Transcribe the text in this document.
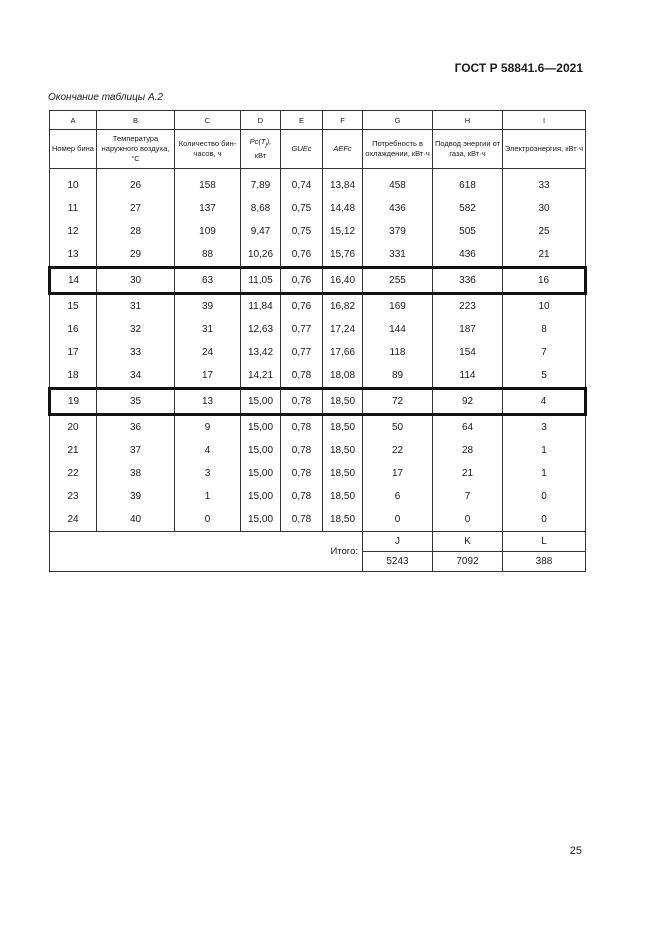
ГОСТ Р 58841.6—2021
Окончание таблицы А.2
A	B	C	D	E	F	G	H	I
Номер бина	Температура наружного воздуха, °С	Количество бин-часов, ч	$Pc(T_j)$,
кВт	GUEc	AEFc	Потребность в охлаждении, кВт·ч	Подвод энергии от газа, кВт·ч	Электроэнергия, кВт·ч

10	26	158	7,89	0,74	13,84	458	618	33
11	27	137	8,68	0,75	14,48	436	582	30
12	28	109	9,47	0,75	15,12	379	505	25
13	29	88	10,26	0,76	15,76	331	436	21
14	30	63	11,05	0,76	16,40	255	336	16
15	31	39	11,84	0,76	16,82	169	223	10
16	32	31	12,63	0,77	17,24	144	187	8
17	33	24	13,42	0,77	17,66	118	154	7
18	34	17	14,21	0,78	18,08	89	114	5
19	35	13	15,00	0,78	18,50	72	92	4
20	36	9	15,00	0,78	18,50	50	64	3
21	37	4	15,00	0,78	18,50	22	28	1
22	38	3	15,00	0,78	18,50	17	21	1
23	39	1	15,00	0,78	18,50	6	7	0
24	40	0	15,00	0,78	18,50	0	0	0
Итого:						J	K	L
						5243	7092	388
25
